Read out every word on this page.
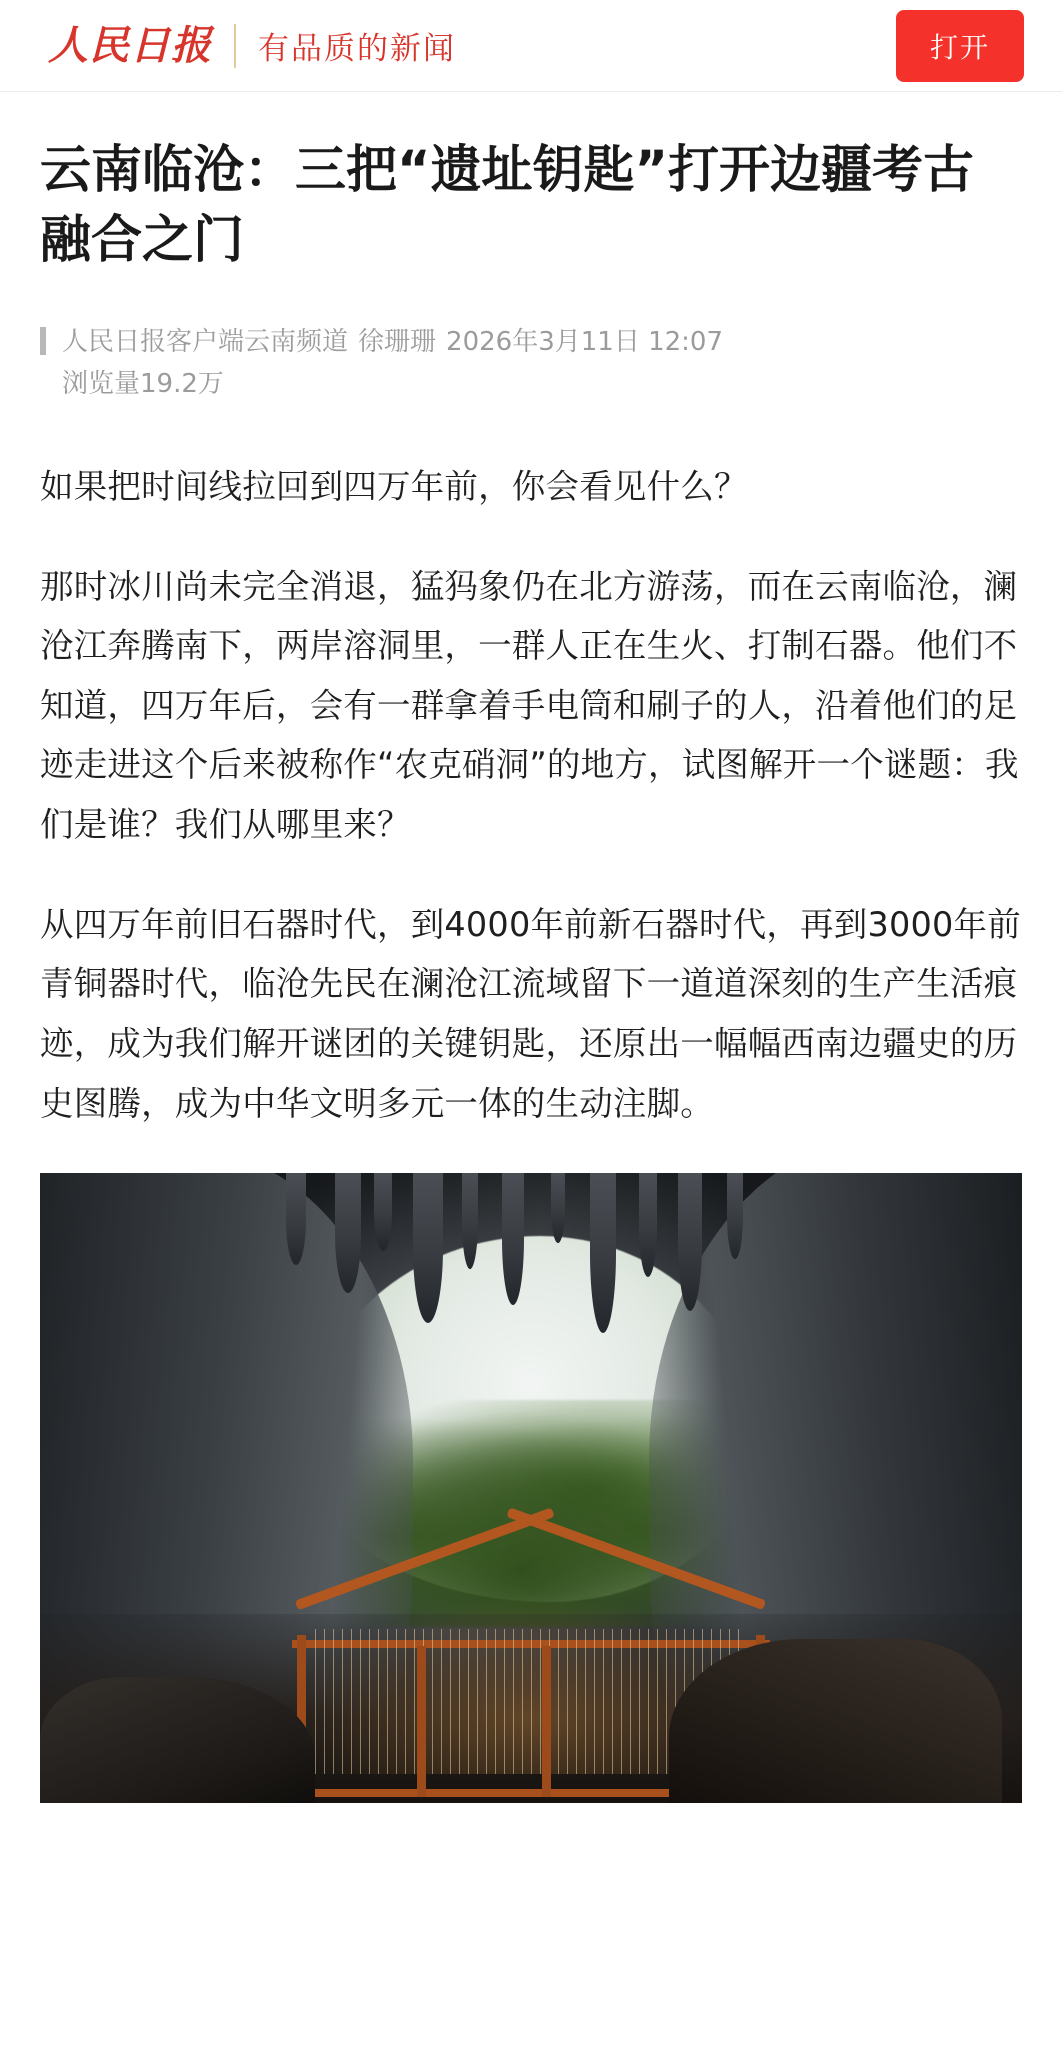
人民日报	有品质的新闻	打开
云南临沧：三把“遗址钥匙”打开边疆考古融合之门
人民日报客户端云南频道 徐珊珊 2026年3月11日 12:07
浏览量19.2万

如果把时间线拉回到四万年前，你会看见什么？

那时冰川尚未完全消退，猛犸象仍在北方游荡，而在云南临沧，澜沧江奔腾南下，两岸溶洞里，一群人正在生火、打制石器。他们不知道，四万年后，会有一群拿着手电筒和刷子的人，沿着他们的足迹走进这个后来被称作“农克硝洞”的地方，试图解开一个谜题：我们是谁？我们从哪里来？

从四万年前旧石器时代，到4000年前新石器时代，再到3000年前青铜器时代，临沧先民在澜沧江流域留下一道道深刻的生产生活痕迹，成为我们解开谜团的关键钥匙，还原出一幅幅西南边疆史的历史图腾，成为中华文明多元一体的生动注脚。
